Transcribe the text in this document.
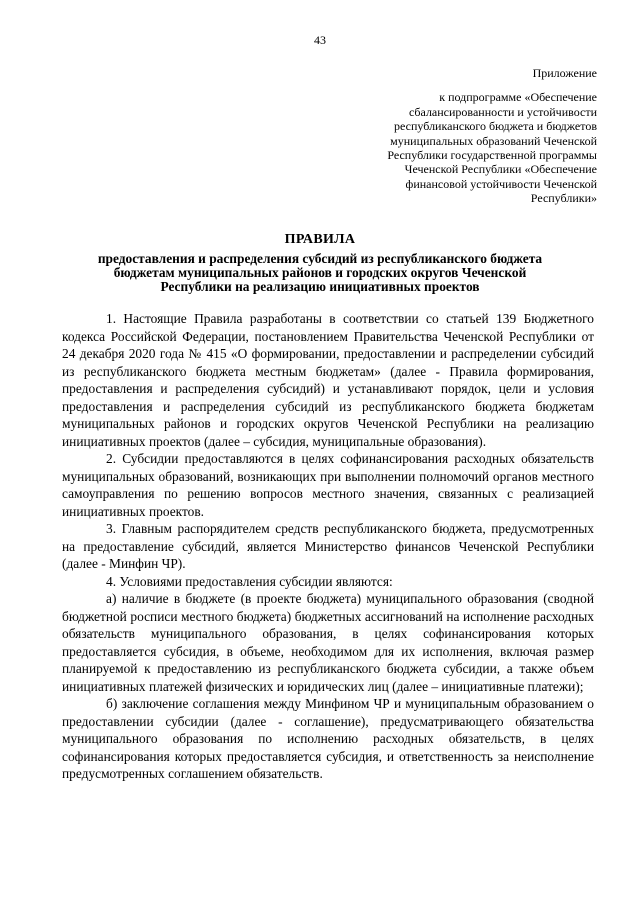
43
Приложение
к подпрограмме «Обеспечение
сбалансированности и устойчивости
республиканского бюджета и бюджетов
муниципальных образований Чеченской
Республики государственной программы
Чеченской Республики «Обеспечение
финансовой устойчивости Чеченской
Республики»
ПРАВИЛА
предоставления и распределения субсидий из республиканского бюджета
бюджетам муниципальных районов и городских округов Чеченской
Республики на реализацию инициативных проектов

1. Настоящие Правила разработаны в соответствии со статьей 139 Бюджетного кодекса Российской Федерации, постановлением Правительства Чеченской Республики от 24 декабря 2020 года № 415 «О формировании, предоставлении и распределении субсидий из республиканского бюджета местным бюджетам» (далее - Правила формирования, предоставления и распределения субсидий) и устанавливают порядок, цели и условия предоставления и распределения субсидий из республиканского бюджета бюджетам муниципальных районов и городских округов Чеченской Республики на реализацию инициативных проектов (далее – субсидия, муниципальные образования).

2. Субсидии предоставляются в целях софинансирования расходных обязательств муниципальных образований, возникающих при выполнении полномочий органов местного самоуправления по решению вопросов местного значения, связанных с реализацией инициативных проектов.

3. Главным распорядителем средств республиканского бюджета, предусмотренных на предоставление субсидий, является Министерство финансов Чеченской Республики (далее - Минфин ЧР).

4. Условиями предоставления субсидии являются:

а) наличие в бюджете (в проекте бюджета) муниципального образования (сводной бюджетной росписи местного бюджета) бюджетных ассигнований на исполнение расходных обязательств муниципального образования, в целях софинансирования которых предоставляется субсидия, в объеме, необходимом для их исполнения, включая размер планируемой к предоставлению из республиканского бюджета субсидии, а также объем инициативных платежей физических и юридических лиц (далее – инициативные платежи);

б) заключение соглашения между Минфином ЧР и муниципальным образованием о предоставлении субсидии (далее - соглашение), предусматривающего обязательства муниципального образования по исполнению расходных обязательств, в целях софинансирования которых предоставляется субсидия, и ответственность за неисполнение предусмотренных соглашением обязательств.
